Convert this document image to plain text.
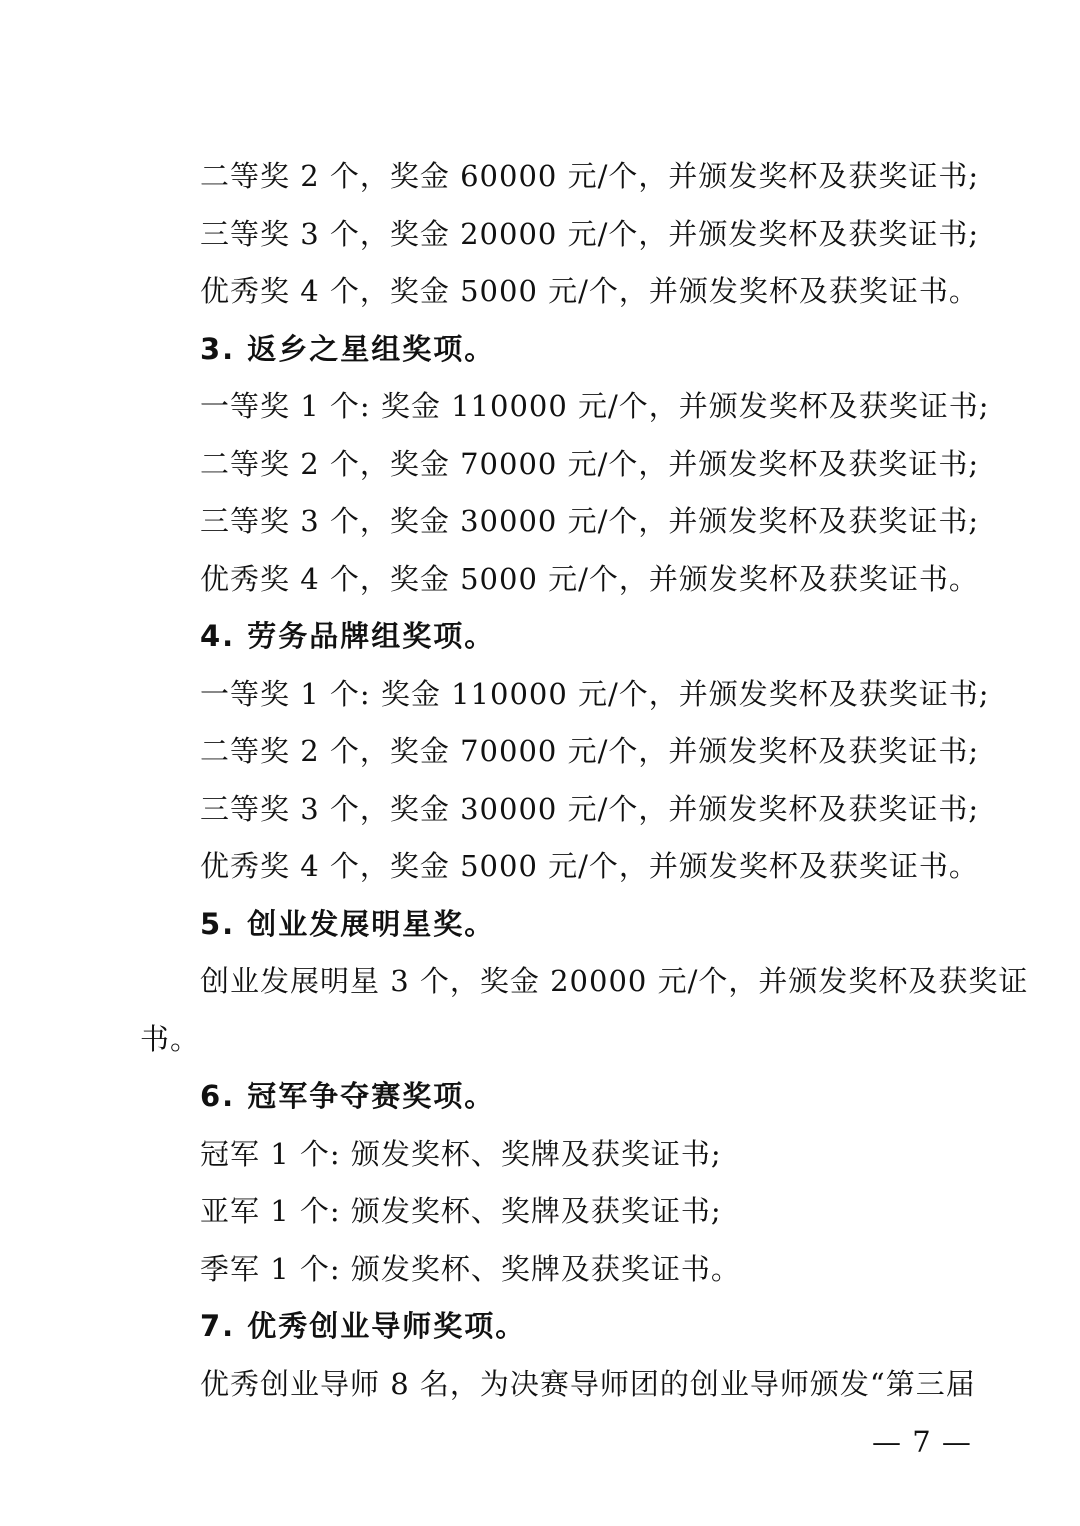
二等奖 2 个，奖金 60000 元/个，并颁发奖杯及获奖证书;
三等奖 3 个，奖金 20000 元/个，并颁发奖杯及获奖证书;
优秀奖 4 个，奖金 5000 元/个，并颁发奖杯及获奖证书。
3. 返乡之星组奖项。
一等奖 1 个: 奖金 110000 元/个，并颁发奖杯及获奖证书;
二等奖 2 个，奖金 70000 元/个，并颁发奖杯及获奖证书;
三等奖 3 个，奖金 30000 元/个，并颁发奖杯及获奖证书;
优秀奖 4 个，奖金 5000 元/个，并颁发奖杯及获奖证书。
4. 劳务品牌组奖项。
一等奖 1 个: 奖金 110000 元/个，并颁发奖杯及获奖证书;
二等奖 2 个，奖金 70000 元/个，并颁发奖杯及获奖证书;
三等奖 3 个，奖金 30000 元/个，并颁发奖杯及获奖证书;
优秀奖 4 个，奖金 5000 元/个，并颁发奖杯及获奖证书。
5. 创业发展明星奖。
创业发展明星 3 个，奖金 20000 元/个，并颁发奖杯及获奖证
书。
6. 冠军争夺赛奖项。
冠军 1 个: 颁发奖杯、奖牌及获奖证书;
亚军 1 个: 颁发奖杯、奖牌及获奖证书;
季军 1 个: 颁发奖杯、奖牌及获奖证书。
7. 优秀创业导师奖项。
优秀创业导师 8 名，为决赛导师团的创业导师颁发“第三届
— 7 —
